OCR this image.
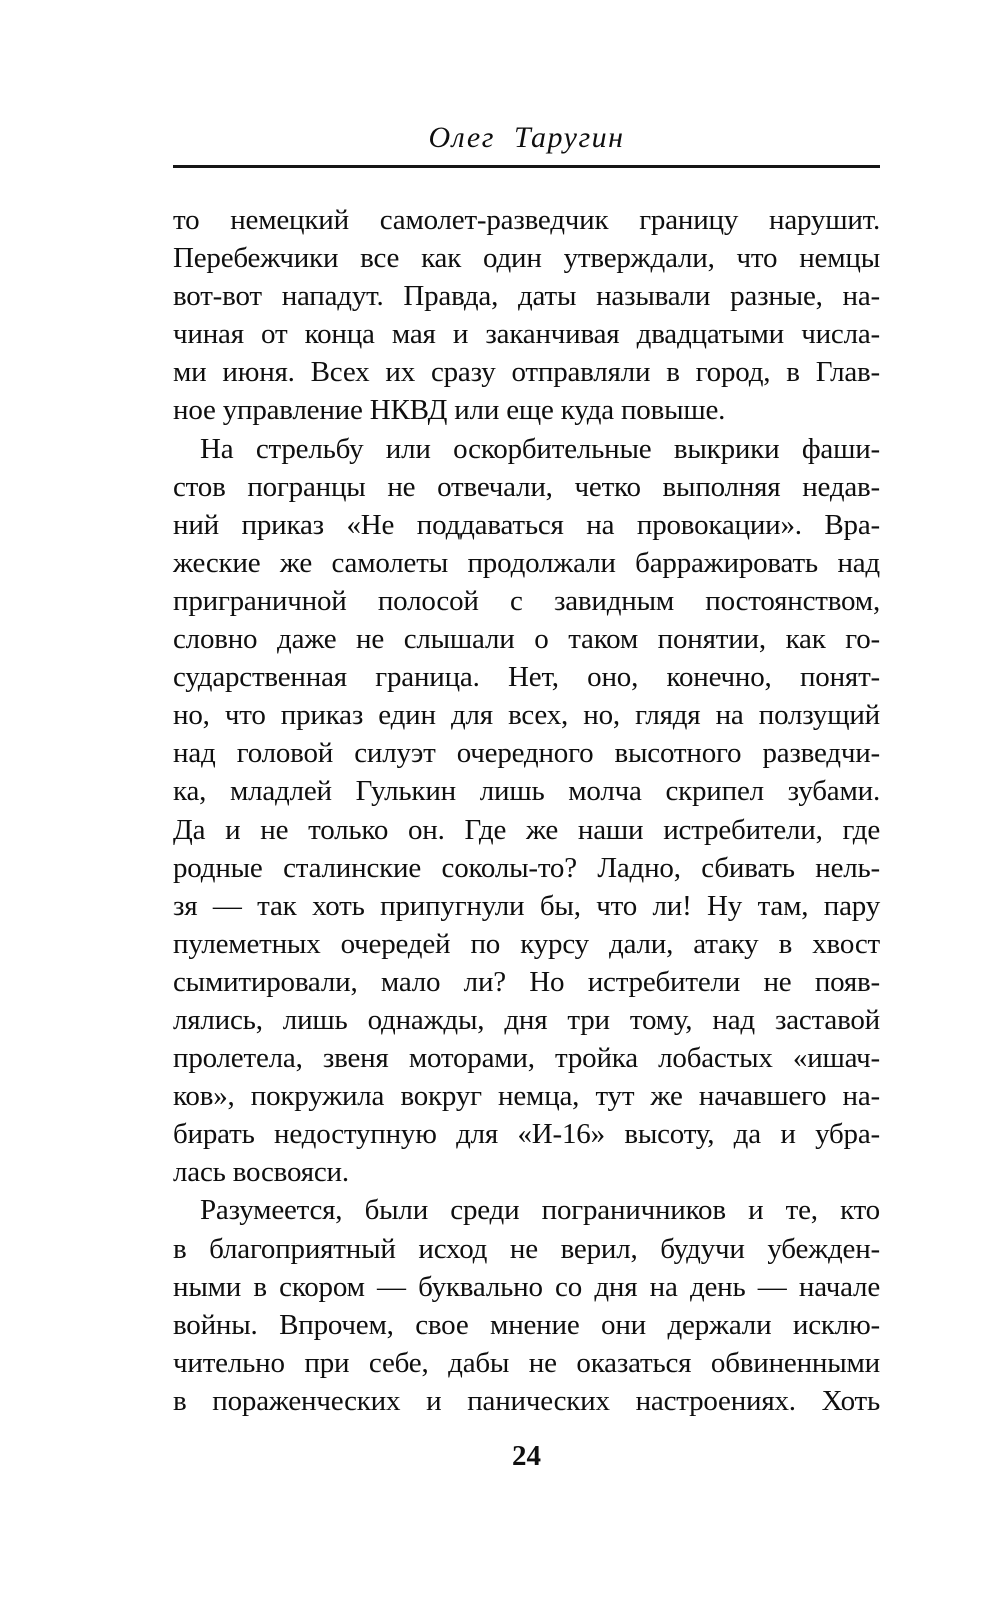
Олег Таругин
то немецкий самолет-разведчик границу нарушит.
Перебежчики все как один утверждали, что немцы
вот-вот нападут. Правда, даты называли разные, на-
чиная от конца мая и заканчивая двадцатыми числа-
ми июня. Всех их сразу отправляли в город, в Глав-
ное управление НКВД или еще куда повыше.
На стрельбу или оскорбительные выкрики фаши-
стов погранцы не отвечали, четко выполняя недав-
ний приказ «Не поддаваться на провокации». Вра-
жеские же самолеты продолжали барражировать над
приграничной полосой с завидным постоянством,
словно даже не слышали о таком понятии, как го-
сударственная граница. Нет, оно, конечно, понят-
но, что приказ един для всех, но, глядя на ползущий
над головой силуэт очередного высотного разведчи-
ка, младлей Гулькин лишь молча скрипел зубами.
Да и не только он. Где же наши истребители, где
родные сталинские соколы-то? Ладно, сбивать нель-
зя — так хоть припугнули бы, что ли! Ну там, пару
пулеметных очередей по курсу дали, атаку в хвост
сымитировали, мало ли? Но истребители не появ-
лялись, лишь однажды, дня три тому, над заставой
пролетела, звеня моторами, тройка лобастых «ишач-
ков», покружила вокруг немца, тут же начавшего на-
бирать недоступную для «И-16» высоту, да и убра-
лась восвояси.
Разумеется, были среди пограничников и те, кто
в благоприятный исход не верил, будучи убежден-
ными в скором — буквально со дня на день — начале
войны. Впрочем, свое мнение они держали исклю-
чительно при себе, дабы не оказаться обвиненными
в пораженческих и панических настроениях. Хоть
24
